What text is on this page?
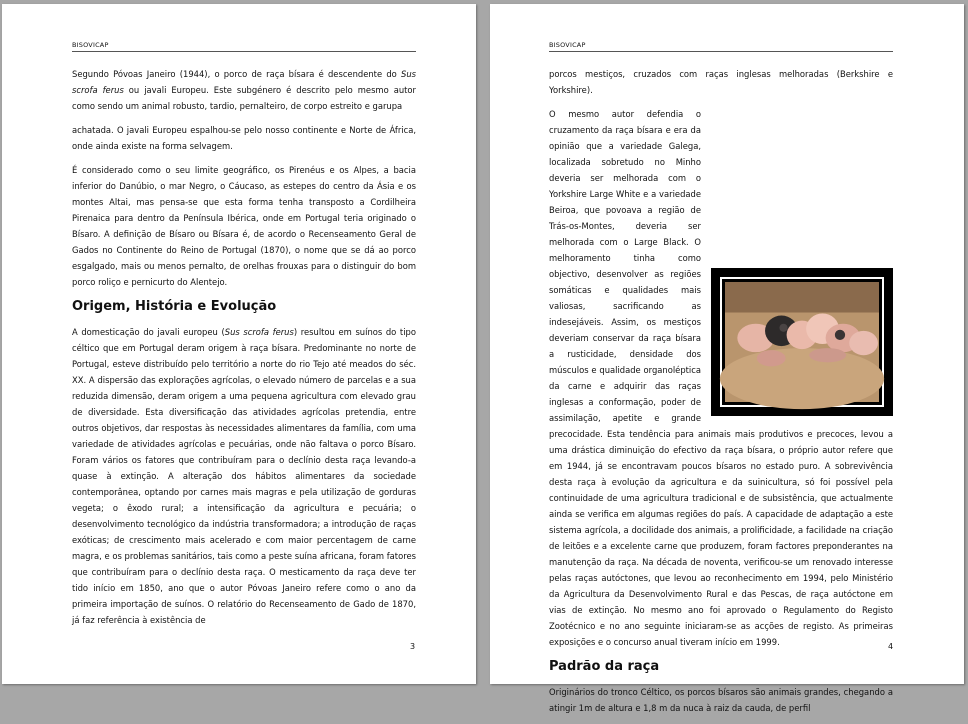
BISOVICAP

Segundo Póvoas Janeiro (1944), o porco de raça bísara é descendente do Sus scrofa ferus ou javali Europeu. Este subgénero é descrito pelo mesmo autor como sendo um animal robusto, tardio, pernalteiro, de corpo estreito e garupa

achatada. O javali Europeu espalhou-se pelo nosso continente e Norte de África, onde ainda existe na forma selvagem.

É considerado como o seu limite geográfico, os Pirenéus e os Alpes, a bacia inferior do Danúbio, o mar Negro, o Cáucaso, as estepes do centro da Ásia e os montes Altai, mas pensa-se que esta forma tenha transposto a Cordilheira Pirenaica para dentro da Península Ibérica, onde em Portugal teria originado o Bísaro. A definição de Bísaro ou Bísara é, de acordo o Recenseamento Geral de Gados no Continente do Reino de Portugal (1870), o nome que se dá ao porco esgalgado, mais ou menos pernalto, de orelhas frouxas para o distinguir do bom porco roliço e pernicurto do Alentejo.

Origem, História e Evolução

A domesticação do javali europeu (Sus scrofa ferus) resultou em suínos do tipo céltico que em Portugal deram origem à raça bísara. Predominante no norte de Portugal, esteve distribuído pelo território a norte do rio Tejo até meados do séc. XX. A dispersão das explorações agrícolas, o elevado número de parcelas e a sua reduzida dimensão, deram origem a uma pequena agricultura com elevado grau de diversidade. Esta diversificação das atividades agrícolas pretendia, entre outros objetivos, dar respostas às necessidades alimentares da família, com uma variedade de atividades agrícolas e pecuárias, onde não faltava o porco Bísaro. Foram vários os fatores que contribuíram para o declínio desta raça levando-a quase à extinção. A alteração dos hábitos alimentares da sociedade contemporânea, optando por carnes mais magras e pela utilização de gorduras vegeta; o êxodo rural; a intensificação da agricultura e pecuária; o desenvolvimento tecnológico da indústria transformadora; a introdução de raças exóticas; de crescimento mais acelerado e com maior percentagem de carne magra, e os problemas sanitários, tais como a peste suína africana, foram fatores que contribuíram para o declínio desta raça. O mesticamento da raça deve ter tido início em 1850, ano que o autor Póvoas Janeiro refere como o ano da primeira importação de suínos. O relatório do Recenseamento de Gado de 1870, já faz referência à existência de

3
BISOVICAP

porcos mestiços, cruzados com raças inglesas melhoradas (Berkshire e Yorkshire).

O mesmo autor defendia o cruzamento da raça bísara e era da opinião que a variedade Galega, localizada sobretudo no Minho deveria ser melhorada com o Yorkshire Large White e a variedade Beiroa, que povoava a região de Trás-os-Montes, deveria ser melhorada com o Large Black. O melhoramento tinha como objectivo, desenvolver as regiões somáticas e qualidades mais valiosas, sacrificando as indesejáveis. Assim, os mestiços deveriam conservar da raça bísara a rusticidade, densidade dos músculos e qualidade organoléptica da carne e adquirir das raças inglesas a conformação, poder de assimilação, apetite e grande precocidade. Esta tendência para animais mais produtivos e precoces, levou a uma drástica diminuição do efectivo da raça bísara, o próprio autor refere que em 1944, já se encontravam poucos bísaros no estado puro. A sobrevivência desta raça à evolução da agricultura e da suinicultura, só foi possível pela continuidade de uma agricultura tradicional e de subsistência, que actualmente ainda se verifica em algumas regiões do país. A capacidade de adaptação a este sistema agrícola, a docilidade dos animais, a prolificidade, a facilidade na criação de leitões e a excelente carne que produzem, foram factores preponderantes na manutenção da raça. Na década de noventa, verificou-se um renovado interesse pelas raças autóctones, que levou ao reconhecimento em 1994, pelo Ministério da Agricultura da Desenvolvimento Rural e das Pescas, de raça autóctone em vias de extinção. No mesmo ano foi aprovado o Regulamento do Registo Zootécnico e no ano seguinte iniciaram-se as acções de registo. As primeiras exposições e o concurso anual tiveram início em 1999.

Padrão da raça

Originários do tronco Céltico, os porcos bísaros são animais grandes, chegando a atingir 1m de altura e 1,8 m da nuca à raiz da cauda, de perfil

4
